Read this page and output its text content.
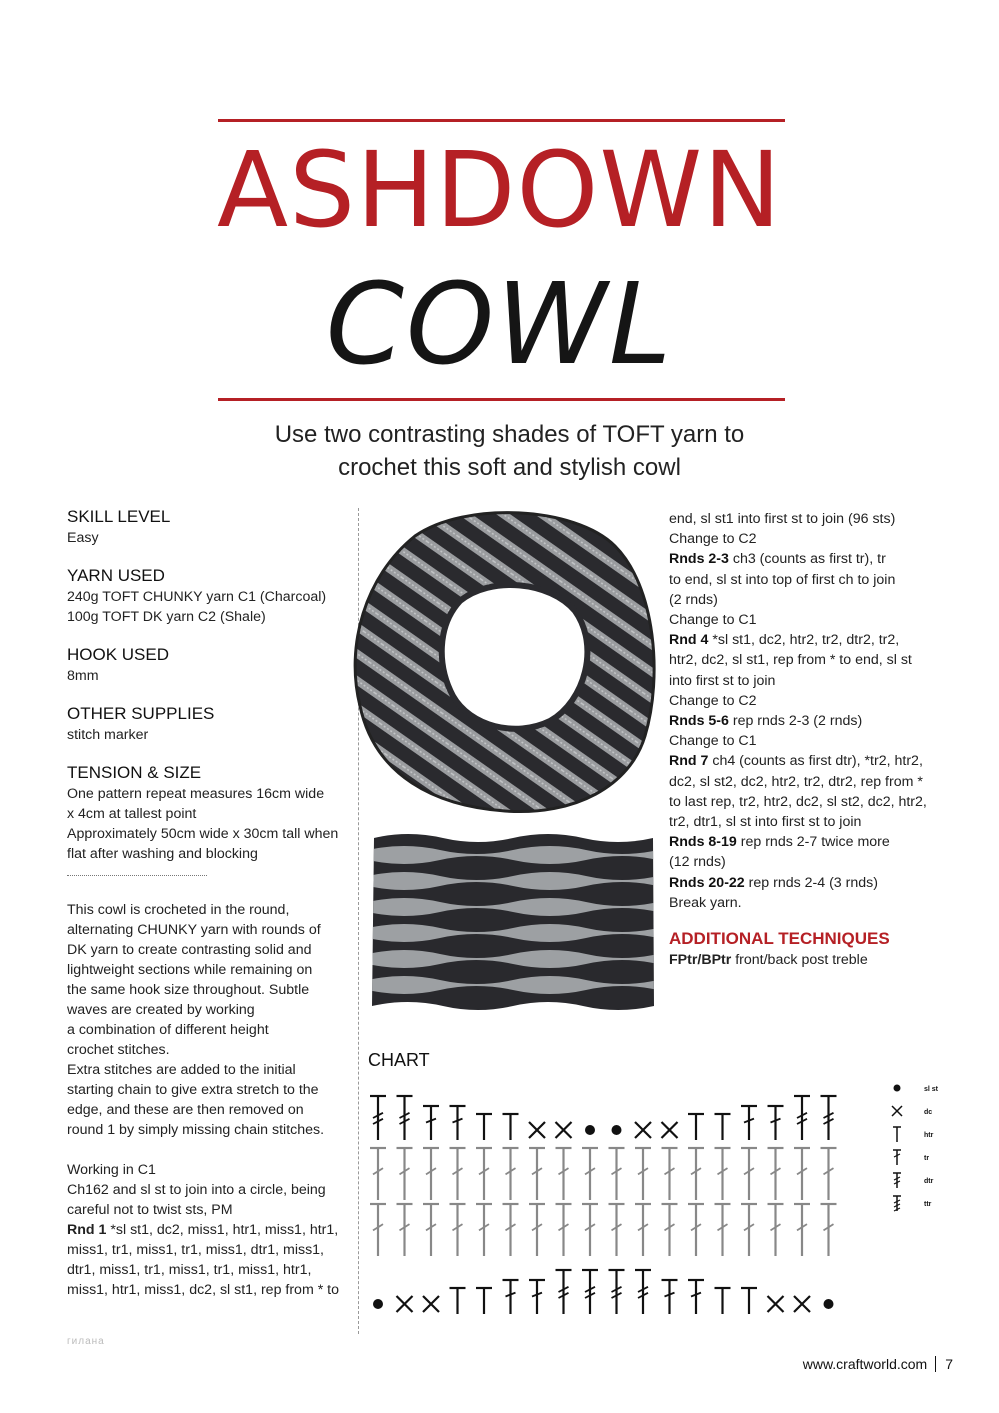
ASHDOWN
COWL
Use two contrasting shades of TOFT yarn to
crochet this soft and stylish cowl
SKILL LEVEL
Easy
YARN USED
240g TOFT CHUNKY yarn C1 (Charcoal)
100g TOFT DK yarn C2 (Shale)
HOOK USED
8mm
OTHER SUPPLIES
stitch marker
TENSION & SIZE
One pattern repeat measures 16cm wide
x 4cm at tallest point
Approximately 50cm wide x 30cm tall when
flat after washing and blocking
This cowl is crocheted in the round,
alternating CHUNKY yarn with rounds of
DK yarn to create contrasting solid and
lightweight sections while remaining on
the same hook size throughout. Subtle
waves are created by working
a combination of different height
crochet stitches.
Extra stitches are added to the initial
starting chain to give extra stretch to the
edge, and these are then removed on
round 1 by simply missing chain stitches.
Working in C1
Ch162 and sl st to join into a circle, being
careful not to twist sts, PM
Rnd 1 *sl st1, dc2, miss1, htr1, miss1, htr1,
miss1, tr1, miss1, tr1, miss1, dtr1, miss1,
dtr1, miss1, tr1, miss1, tr1, miss1, htr1,
miss1, htr1, miss1, dc2, sl st1, rep from * to
end, sl st1 into first st to join (96 sts)
Change to C2
Rnds 2-3 ch3 (counts as first tr), tr
to end, sl st into top of first ch to join
(2 rnds)
Change to C1
Rnd 4 *sl st1, dc2, htr2, tr2, dtr2, tr2,
htr2, dc2, sl st1, rep from * to end, sl st
into first st to join
Change to C2
Rnds 5-6 rep rnds 2-3 (2 rnds)
Change to C1
Rnd 7 ch4 (counts as first dtr), *tr2, htr2,
dc2, sl st2, dc2, htr2, tr2, dtr2, rep from *
to last rep, tr2, htr2, dc2, sl st2, dc2, htr2,
tr2, dtr1, sl st into first st to join
Rnds 8-19 rep rnds 2-7 twice more
(12 rnds)
Rnds 20-22 rep rnds 2-4 (3 rnds)
Break yarn.
ADDITIONAL TECHNIQUES
FPtr/BPtr front/back post treble
CHART
sl st
dc
htr
tr
dtr
ttr
гилана
www.craftworld.com 7
